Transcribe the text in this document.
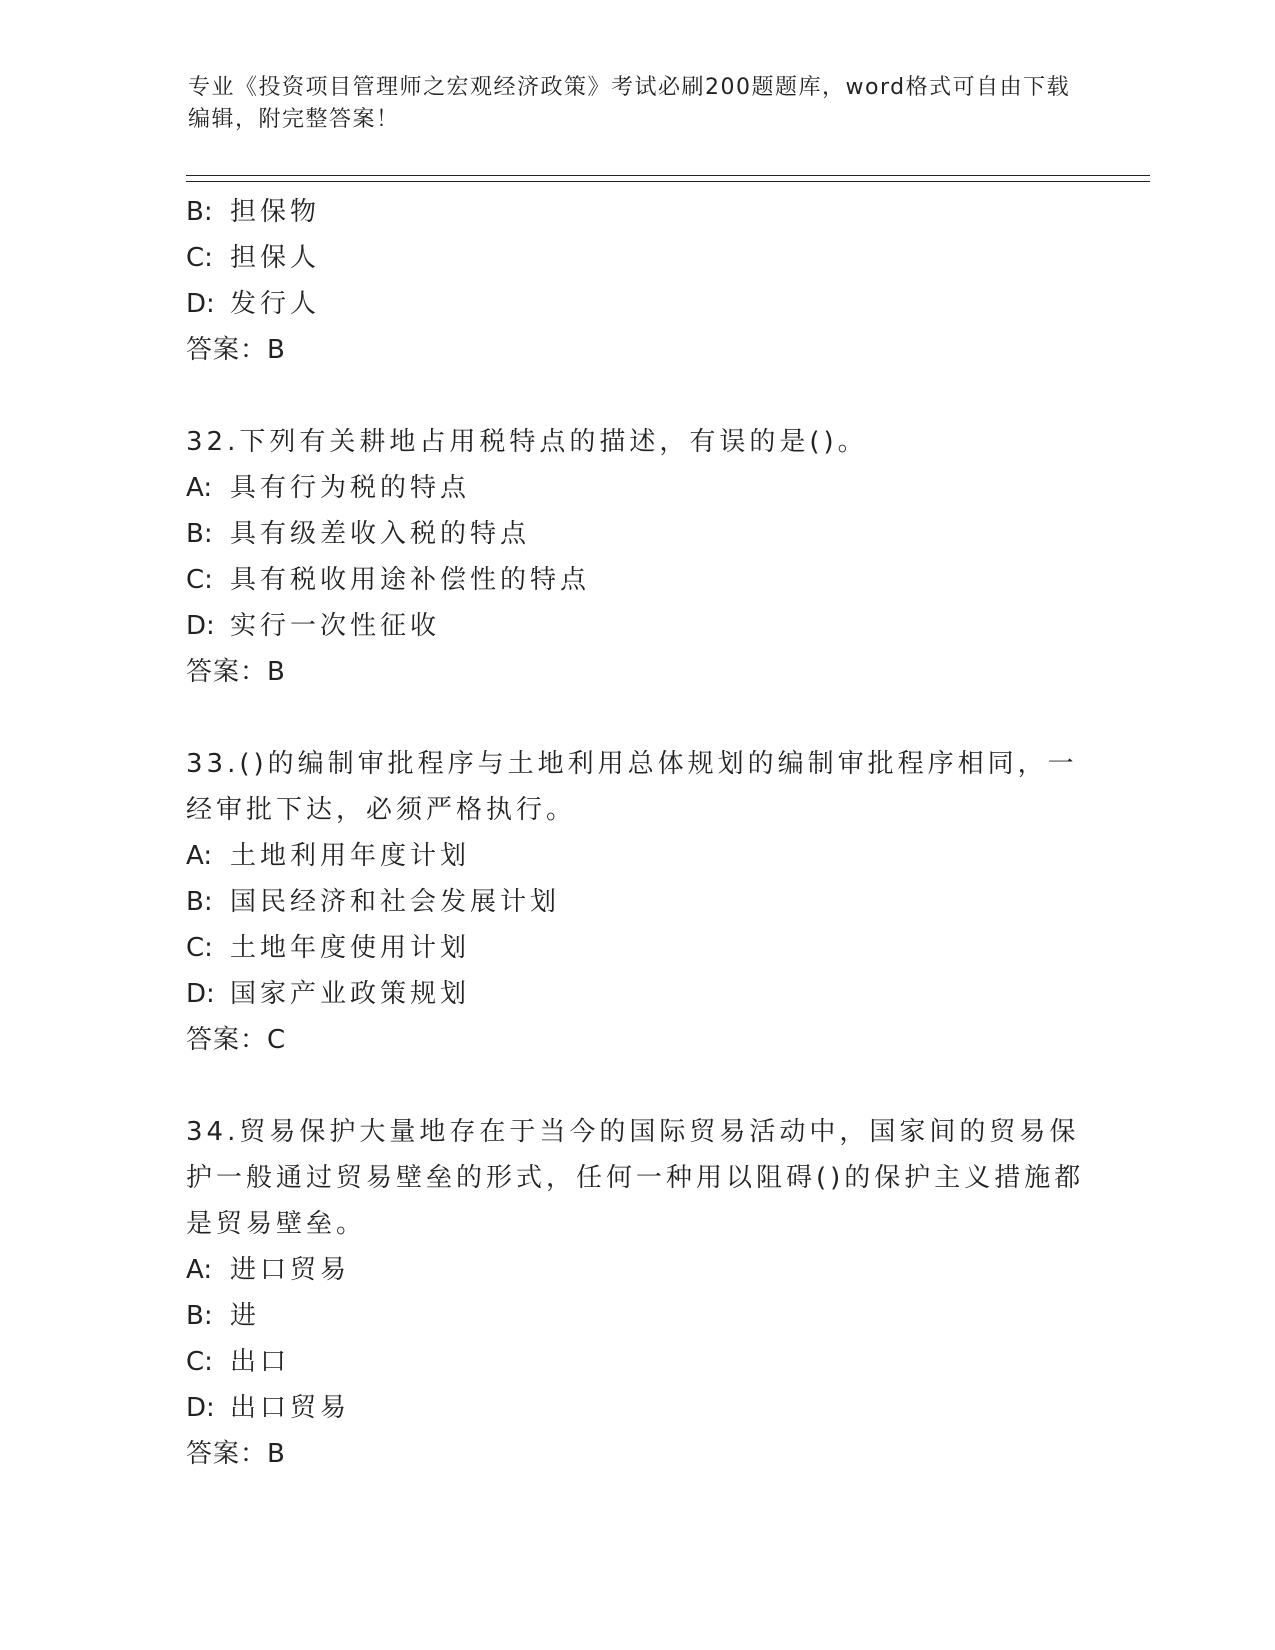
专业《投资项目管理师之宏观经济政策》考试必刷200题题库，word格式可自由下载编辑，附完整答案！
B: 担保物
C: 担保人
D: 发行人
答案：B
32.下列有关耕地占用税特点的描述，有误的是()。
A: 具有行为税的特点
B: 具有级差收入税的特点
C: 具有税收用途补偿性的特点
D: 实行一次性征收
答案：B
33.()的编制审批程序与土地利用总体规划的编制审批程序相同，一经审批下达，必须严格执行。
A: 土地利用年度计划
B: 国民经济和社会发展计划
C: 土地年度使用计划
D: 国家产业政策规划
答案：C
34.贸易保护大量地存在于当今的国际贸易活动中，国家间的贸易保护一般通过贸易壁垒的形式，任何一种用以阻碍()的保护主义措施都是贸易壁垒。
A: 进口贸易
B: 进
C: 出口
D: 出口贸易
答案：B
